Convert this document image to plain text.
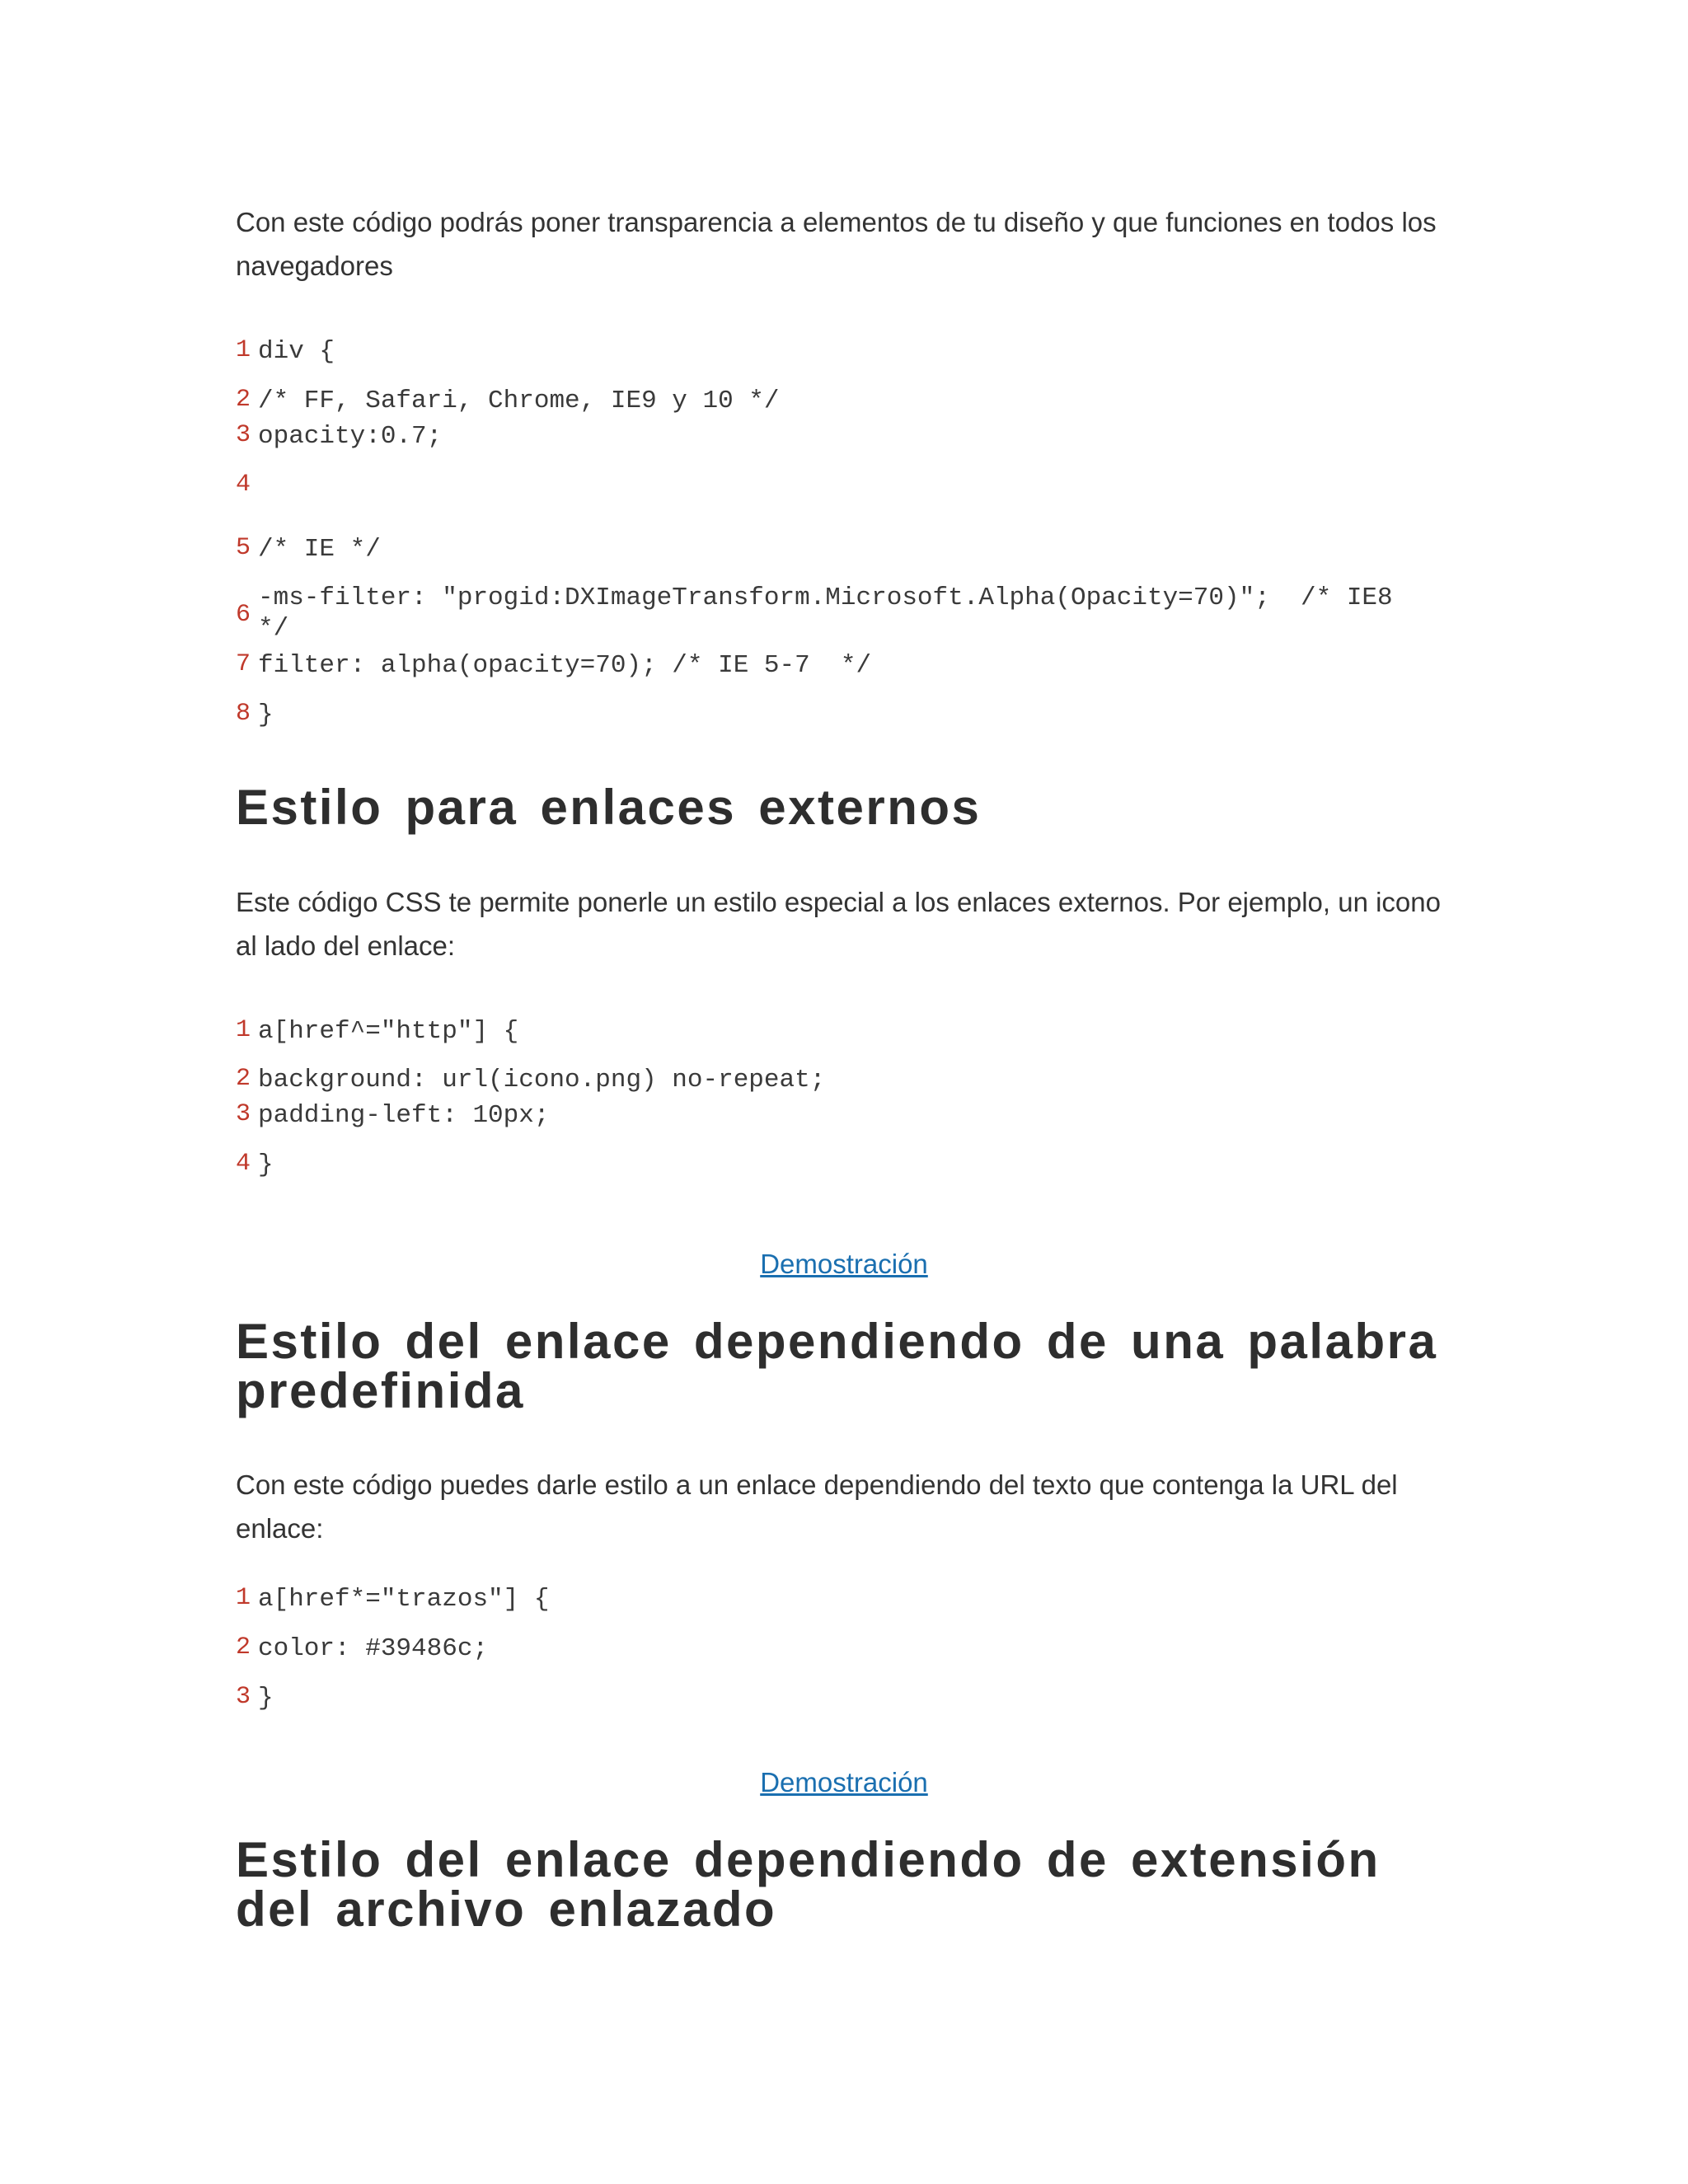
Con este código podrás poner transparencia a elementos de tu diseño y que funciones en todos los navegadores

1 div {
2 /* FF, Safari, Chrome, IE9 y 10 */
3 opacity:0.7;
4
5 /* IE */
6
-ms-filter: "progid:DXImageTransform.Microsoft.Alpha(Opacity=70)";  /* IE8 */
7 filter: alpha(opacity=70); /* IE 5-7  */
8 }
Estilo para enlaces externos

Este código CSS te permite ponerle un estilo especial a los enlaces externos. Por ejemplo, un icono al lado del enlace:

1 a[href^="http"] {
2 background: url(icono.png) no-repeat;
3 padding-left: 10px;
4 }
Demostración
Estilo del enlace dependiendo de una palabra predefinida

Con este código puedes darle estilo a un enlace dependiendo del texto que contenga la URL del enlace:

1 a[href*="trazos"] {
2 color: #39486c;
3 }
Demostración
Estilo del enlace dependiendo de extensión del archivo enlazado
